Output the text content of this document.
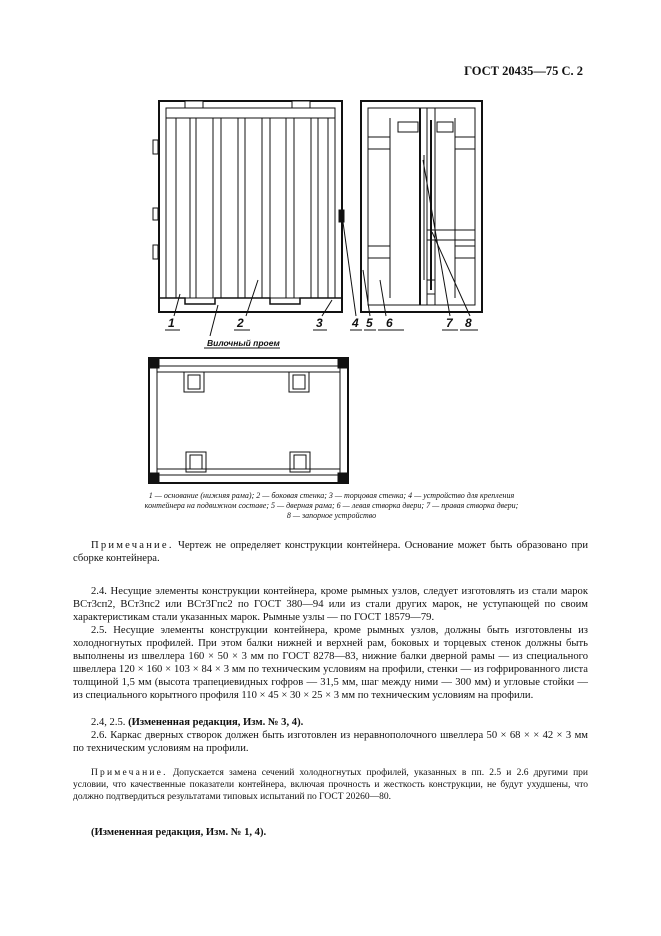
ГОСТ 20435—75 С. 2
1	2	3 4 5 6	7 8
Вилочный проем
1 — основание (нижняя рама); 2 — боковая стенка; 3 — торцовая стенка; 4 — устройство для крепления
контейнера на подвижном составе; 5 — дверная рама; 6 — левая створка двери; 7 — правая створка двери;
8 — запорное устройство
Примечание. Чертеж не определяет конструкции контейнера. Основание может быть образовано при сборке контейнера.
2.4. Несущие элементы конструкции контейнера, кроме рымных узлов, следует изготовлять из стали марок ВСт3сп2, ВСт3пс2 или ВСт3Гпс2 по ГОСТ 380—94 или из стали других марок, не уступающей по своим характеристикам стали указанных марок. Рымные узлы — по ГОСТ 18579—79.
2.5. Несущие элементы конструкции контейнера, кроме рымных узлов, должны быть изготовлены из холодногнутых профилей. При этом балки нижней и верхней рам, боковых и торцевых стенок должны быть выполнены из швеллера 160 × 50 × 3 мм по ГОСТ 8278—83, нижние балки дверной рамы — из специального швеллера 120 × 160 × 103 × 84 × 3 мм по техническим условиям на профили, стенки — из гофрированного листа толщиной 1,5 мм (высота трапециевидных гофров — 31,5 мм, шаг между ними — 300 мм) и угловые стойки — из специального корытного профиля 110 × 45 × 30 × 25 × 3 мм по техническим условиям на профили.
2.4, 2.5. (Измененная редакция, Изм. № 3, 4).
2.6. Каркас дверных створок должен быть изготовлен из неравнополочного швеллера 50 × 68 × × 42 × 3 мм по техническим условиям на профили.
Примечание. Допускается замена сечений холодногнутых профилей, указанных в пп. 2.5 и 2.6 другими при условии, что качественные показатели контейнера, включая прочность и жесткость конструкции, не будут ухудшены, что должно подтвердиться результатами типовых испытаний по ГОСТ 20260—80.
(Измененная редакция, Изм. № 1, 4).
